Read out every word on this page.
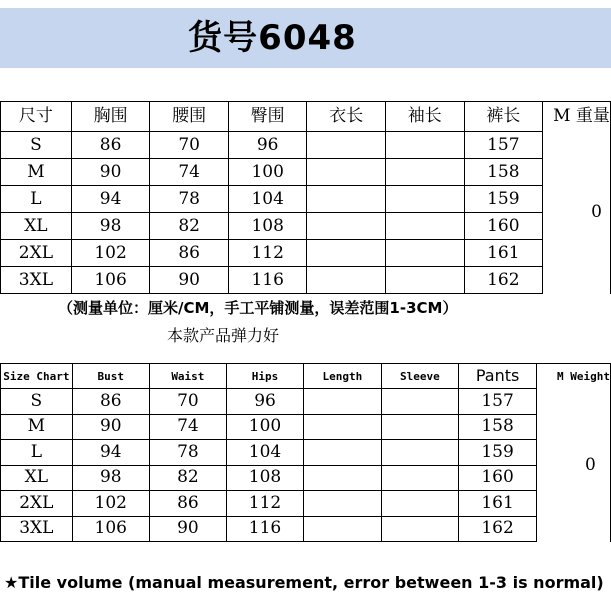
货号6048
尺寸	胸围	腰围	臀围	衣长	袖长	裤长	M 重量
S	86	70	96			157	0
M	90	74	100			158	
L	94	78	104			159	
XL	98	82	108			160	
2XL	102	86	112			161	
3XL	106	90	116			162	
（测量单位：厘米/CM，手工平铺测量，误差范围1-3CM）
本款产品弹力好
Size Chart	Bust	Waist	Hips	Length	Sleeve	Pants	M Weight
S	86	70	96			157	0
M	90	74	100			158	
L	94	78	104			159	
XL	98	82	108			160	
2XL	102	86	112			161	
3XL	106	90	116			162	
★Tile volume (manual measurement, error between 1-3 is normal)
